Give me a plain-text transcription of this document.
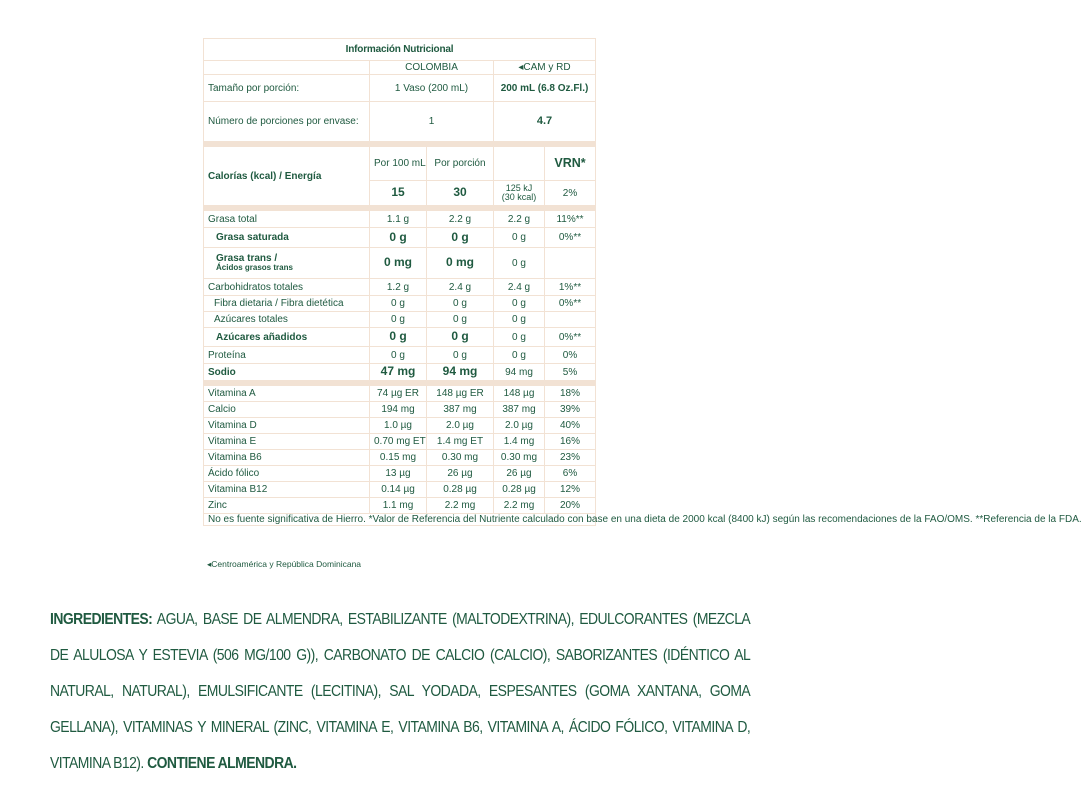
Información Nutricional				
	COLOMBIA		◂CAM y RD	
Tamaño por porción:	1 Vaso (200 mL)		200 mL (6.8 Oz.Fl.)	
Número de porciones por envase:	1		4.7	

Calorías (kcal) / Energía	Por 100 mL	Por porción		VRN*
	15	30	125 kJ (30 kcal)	2%

Grasa total	1.1 g	2.2 g	2.2 g	11%**
Grasa saturada	0 g	0 g	0 g	0%**
Grasa trans /
Ácidos grasos trans	0 mg	0 mg	0 g	
Carbohidratos totales	1.2 g	2.4 g	2.4 g	1%**
Fibra dietaria / Fibra dietética	0 g	0 g	0 g	0%**
Azúcares totales	0 g	0 g	0 g	
Azúcares añadidos	0 g	0 g	0 g	0%**
Proteína	0 g	0 g	0 g	0%
Sodio	47 mg	94 mg	94 mg	5%

Vitamina A	74 µg ER	148 µg ER	148 µg	18%
Calcio	194 mg	387 mg	387 mg	39%
Vitamina D	1.0 µg	2.0 µg	2.0 µg	40%
Vitamina E	0.70 mg ET	1.4 mg ET	1.4 mg	16%
Vitamina B6	0.15 mg	0.30 mg	0.30 mg	23%
Ácido fólico	13 µg	26 µg	26 µg	6%
Vitamina B12	0.14 µg	0.28 µg	0.28 µg	12%
Zinc	1.1 mg	2.2 mg	2.2 mg	20%
No es fuente significativa de Hierro. *Valor de Referencia del Nutriente calculado con base en una dieta de 2000 kcal (8400 kJ) según las recomendaciones de la FAO/OMS. **Referencia de la FDA.				
◂Centroamérica y República Dominicana
INGREDIENTES: AGUA, BASE DE ALMENDRA, ESTABILIZANTE (MALTODEXTRINA), EDULCORANTES (MEZCLA DE ALULOSA Y ESTEVIA (506 MG/100 G)), CARBONATO DE CALCIO (CALCIO), SABORIZANTES (IDÉNTICO AL NATURAL, NATURAL), EMULSIFICANTE (LECITINA), SAL YODADA, ESPESANTES (GOMA XANTANA, GOMA GELLANA), VITAMINAS Y MINERAL (ZINC, VITAMINA E, VITAMINA B6, VITAMINA A, ÁCIDO FÓLICO, VITAMINA D, VITAMINA B12). CONTIENE ALMENDRA.
